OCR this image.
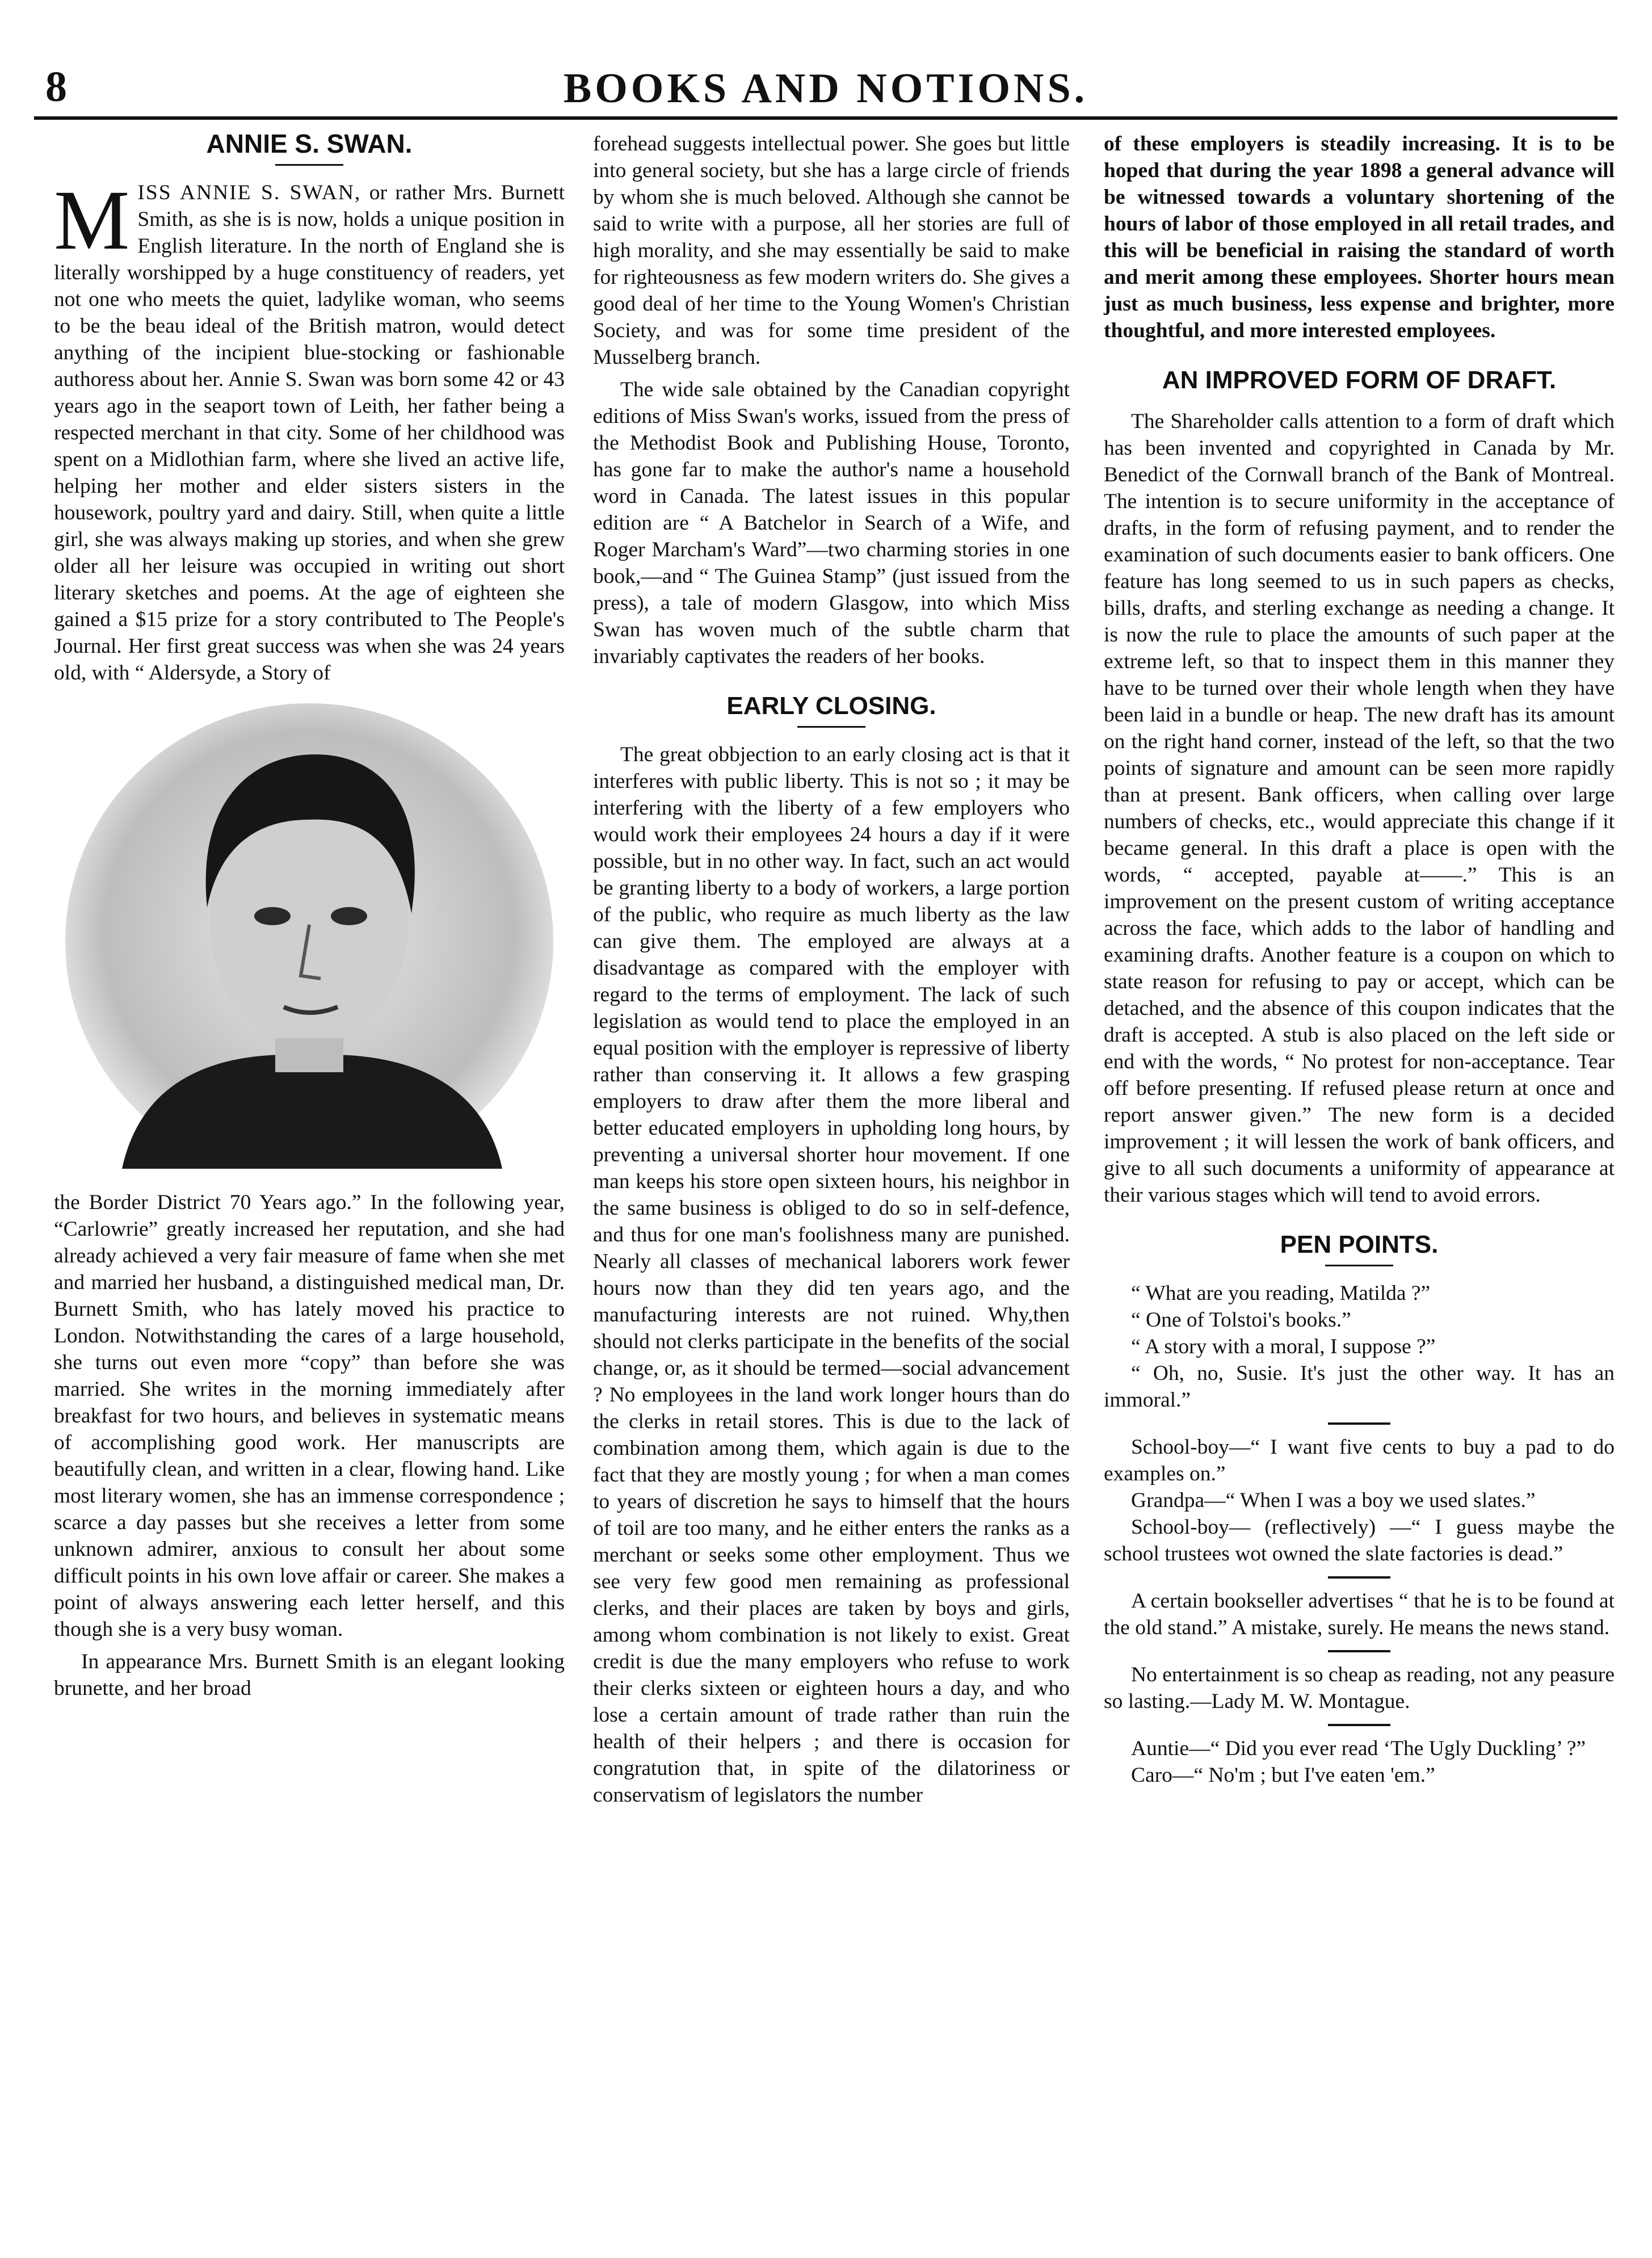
8	BOOKS AND NOTIONS.
ANNIE S. SWAN.

MISS ANNIE S. SWAN, or rather Mrs. Burnett Smith, as she is is now, holds a unique position in English literature. In the north of England she is literally worshipped by a huge constituency of readers, yet not one who meets the quiet, ladylike woman, who seems to be the beau ideal of the British matron, would detect anything of the incipient blue-stocking or fashionable authoress about her. Annie S. Swan was born some 42 or 43 years ago in the seaport town of Leith, her father being a respected merchant in that city. Some of her childhood was spent on a Midlothian farm, where she lived an active life, helping her mother and elder sisters sisters in the housework, poultry yard and dairy. Still, when quite a little girl, she was always making up stories, and when she grew older all her leisure was occupied in writing out short literary sketches and poems. At the age of eighteen she gained a $15 prize for a story contributed to The People's Journal. Her first great success was when she was 24 years old, with “ Aldersyde, a Story of

the Border District 70 Years ago.” In the following year, “Carlowrie” greatly increased her reputation, and she had already achieved a very fair measure of fame when she met and married her husband, a distinguished medical man, Dr. Burnett Smith, who has lately moved his practice to London. Notwithstanding the cares of a large household, she turns out even more “copy” than before she was married. She writes in the morning immediately after breakfast for two hours, and believes in systematic means of accomplishing good work. Her manuscripts are beautifully clean, and written in a clear, flowing hand. Like most literary women, she has an immense correspondence ; scarce a day passes but she receives a letter from some unknown admirer, anxious to consult her about some difficult points in his own love affair or career. She makes a point of always answering each letter herself, and this though she is a very busy woman.

In appearance Mrs. Burnett Smith is an elegant looking brunette, and her broad

forehead suggests intellectual power. She goes but little into general society, but she has a large circle of friends by whom she is much beloved. Although she cannot be said to write with a purpose, all her stories are full of high morality, and she may essentially be said to make for righteousness as few modern writers do. She gives a good deal of her time to the Young Women's Christian Society, and was for some time president of the Musselberg branch.

The wide sale obtained by the Canadian copyright editions of Miss Swan's works, issued from the press of the Methodist Book and Publishing House, Toronto, has gone far to make the author's name a household word in Canada. The latest issues in this popular edition are “ A Batchelor in Search of a Wife, and Roger Marcham's Ward”—two charming stories in one book,—and “ The Guinea Stamp” (just issued from the press), a tale of modern Glasgow, into which Miss Swan has woven much of the subtle charm that invariably captivates the readers of her books.

EARLY CLOSING.

The great obbjection to an early closing act is that it interferes with public liberty. This is not so ; it may be interfering with the liberty of a few employers who would work their employees 24 hours a day if it were possible, but in no other way. In fact, such an act would be granting liberty to a body of workers, a large portion of the public, who require as much liberty as the law can give them. The employed are always at a disadvantage as compared with the employer with regard to the terms of employment. The lack of such legislation as would tend to place the employed in an equal position with the employer is repressive of liberty rather than conserving it. It allows a few grasping employers to draw after them the more liberal and better educated employers in upholding long hours, by preventing a universal shorter hour movement. If one man keeps his store open sixteen hours, his neighbor in the same business is obliged to do so in self-defence, and thus for one man's foolishness many are punished. Nearly all classes of mechanical laborers work fewer hours now than they did ten years ago, and the manufacturing interests are not ruined. Why,then should not clerks participate in the benefits of the social change, or, as it should be termed—social advancement ? No employees in the land work longer hours than do the clerks in retail stores. This is due to the lack of combination among them, which again is due to the fact that they are mostly young ; for when a man comes to years of discretion he says to himself that the hours of toil are too many, and he either enters the ranks as a merchant or seeks some other employment. Thus we see very few good men remaining as professional clerks, and their places are taken by boys and girls, among whom combination is not likely to exist. Great credit is due the many employers who refuse to work their clerks sixteen or eighteen hours a day, and who lose a certain amount of trade rather than ruin the health of their helpers ; and there is occasion for congratution that, in spite of the dilatoriness or conservatism of legislators the number

of these employers is steadily increasing. It is to be hoped that during the year 1898 a general advance will be witnessed towards a voluntary shortening of the hours of labor of those employed in all retail trades, and this will be beneficial in raising the standard of worth and merit among these employees. Shorter hours mean just as much business, less expense and brighter, more thoughtful, and more interested employees.

AN IMPROVED FORM OF DRAFT.

The Shareholder calls attention to a form of draft which has been invented and copyrighted in Canada by Mr. Benedict of the Cornwall branch of the Bank of Montreal. The intention is to secure uniformity in the acceptance of drafts, in the form of refusing payment, and to render the examination of such documents easier to bank officers. One feature has long seemed to us in such papers as checks, bills, drafts, and sterling exchange as needing a change. It is now the rule to place the amounts of such paper at the extreme left, so that to inspect them in this manner they have to be turned over their whole length when they have been laid in a bundle or heap. The new draft has its amount on the right hand corner, instead of the left, so that the two points of signature and amount can be seen more rapidly than at present. Bank officers, when calling over large numbers of checks, etc., would appreciate this change if it became general. In this draft a place is open with the words, “ accepted, payable at——.” This is an improvement on the present custom of writing acceptance across the face, which adds to the labor of handling and examining drafts. Another feature is a coupon on which to state reason for refusing to pay or accept, which can be detached, and the absence of this coupon indicates that the draft is accepted. A stub is also placed on the left side or end with the words, “ No protest for non-acceptance. Tear off before presenting. If refused please return at once and report answer given.” The new form is a decided improvement ; it will lessen the work of bank officers, and give to all such documents a uniformity of appearance at their various stages which will tend to avoid errors.

PEN POINTS.

“ What are you reading, Matilda ?”

“ One of Tolstoi's books.”

“ A story with a moral, I suppose ?”

“ Oh, no, Susie. It's just the other way. It has an immoral.”

School-boy—“ I want five cents to buy a pad to do examples on.”

Grandpa—“ When I was a boy we used slates.”

School-boy— (reflectively) —“ I guess maybe the school trustees wot owned the slate factories is dead.”

A certain bookseller advertises “ that he is to be found at the old stand.” A mistake, surely. He means the news stand.

No entertainment is so cheap as reading, not any peasure so lasting.—Lady M. W. Montague.

Auntie—“ Did you ever read ‘The Ugly Duckling’ ?”

Caro—“ No'm ; but I've eaten 'em.”
